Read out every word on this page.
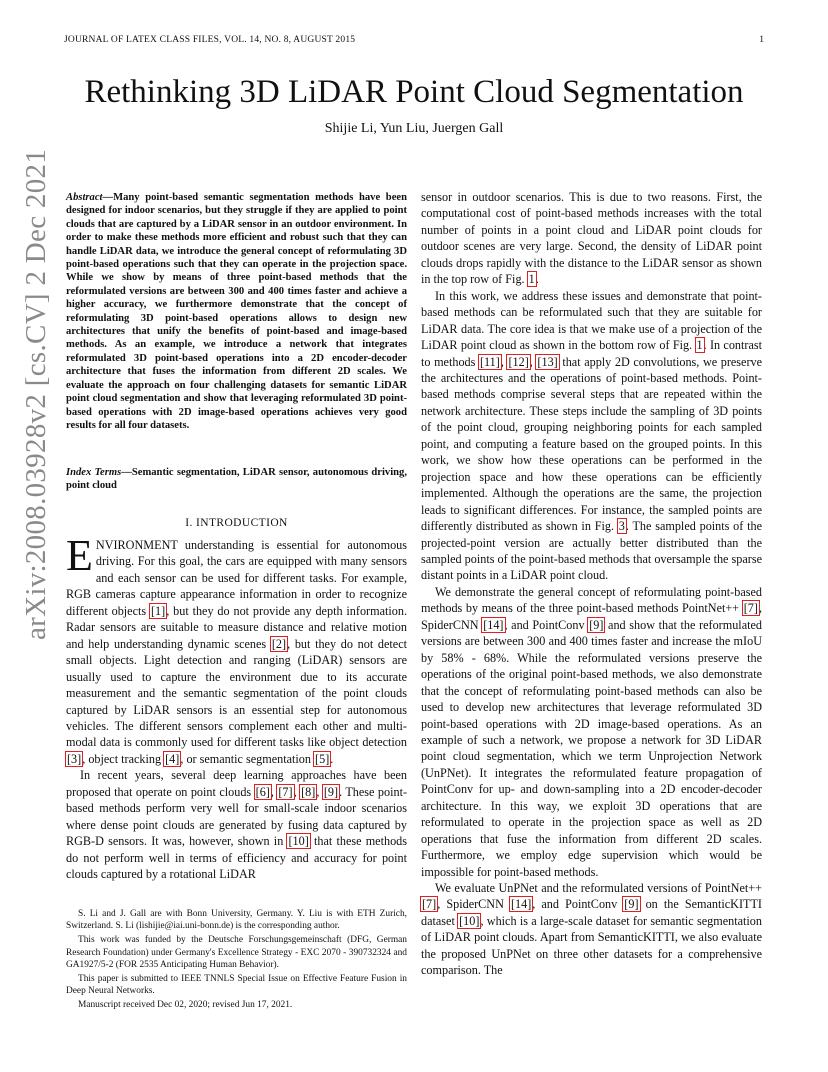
JOURNAL OF LATEX CLASS FILES, VOL. 14, NO. 8, AUGUST 2015	1
arXiv:2008.03928v2 [cs.CV] 2 Dec 2021
Rethinking 3D LiDAR Point Cloud Segmentation
Shijie Li, Yun Liu, Juergen Gall
Abstract—Many point-based semantic segmentation methods have been designed for indoor scenarios, but they struggle if they are applied to point clouds that are captured by a LiDAR sensor in an outdoor environment. In order to make these methods more efficient and robust such that they can handle LiDAR data, we introduce the general concept of reformulating 3D point-based operations such that they can operate in the projection space. While we show by means of three point-based methods that the reformulated versions are between 300 and 400 times faster and achieve a higher accuracy, we furthermore demonstrate that the concept of reformulating 3D point-based operations allows to design new architectures that unify the benefits of point-based and image-based methods. As an example, we introduce a network that integrates reformulated 3D point-based operations into a 2D encoder-decoder architecture that fuses the information from different 2D scales. We evaluate the approach on four challenging datasets for semantic LiDAR point cloud segmentation and show that leveraging reformulated 3D point-based operations with 2D image-based operations achieves very good results for all four datasets.
Index Terms—Semantic segmentation, LiDAR sensor, autonomous driving, point cloud
I. INTRODUCTION

ENVIRONMENT understanding is essential for autonomous driving. For this goal, the cars are equipped with many sensors and each sensor can be used for different tasks. For example, RGB cameras capture appearance information in order to recognize different objects [1], but they do not provide any depth information. Radar sensors are suitable to measure distance and relative motion and help understanding dynamic scenes [2], but they do not detect small objects. Light detection and ranging (LiDAR) sensors are usually used to capture the environment due to its accurate measurement and the semantic segmentation of the point clouds captured by LiDAR sensors is an essential step for autonomous vehicles. The different sensors complement each other and multi-modal data is commonly used for different tasks like object detection [3], object tracking [4], or semantic segmentation [5].

In recent years, several deep learning approaches have been proposed that operate on point clouds [6], [7], [8], [9]. These point-based methods perform very well for small-scale indoor scenarios where dense point clouds are generated by fusing data captured by RGB-D sensors. It was, however, shown in [10] that these methods do not perform well in terms of efficiency and accuracy for point clouds captured by a rotational LiDAR

S. Li and J. Gall are with Bonn University, Germany. Y. Liu is with ETH Zurich, Switzerland. S. Li (lishijie@iai.uni-bonn.de) is the corresponding author.

This work was funded by the Deutsche Forschungsgemeinschaft (DFG, German Research Foundation) under Germany's Excellence Strategy - EXC 2070 - 390732324 and GA1927/5-2 (FOR 2535 Anticipating Human Behavior).

This paper is submitted to IEEE TNNLS Special Issue on Effective Feature Fusion in Deep Neural Networks.

Manuscript received Dec 02, 2020; revised Jun 17, 2021.

sensor in outdoor scenarios. This is due to two reasons. First, the computational cost of point-based methods increases with the total number of points in a point cloud and LiDAR point clouds for outdoor scenes are very large. Second, the density of LiDAR point clouds drops rapidly with the distance to the LiDAR sensor as shown in the top row of Fig. 1.

In this work, we address these issues and demonstrate that point-based methods can be reformulated such that they are suitable for LiDAR data. The core idea is that we make use of a projection of the LiDAR point cloud as shown in the bottom row of Fig. 1. In contrast to methods [11], [12], [13] that apply 2D convolutions, we preserve the architectures and the operations of point-based methods. Point-based methods comprise several steps that are repeated within the network architecture. These steps include the sampling of 3D points of the point cloud, grouping neighboring points for each sampled point, and computing a feature based on the grouped points. In this work, we show how these operations can be performed in the projection space and how these operations can be efficiently implemented. Although the operations are the same, the projection leads to significant differences. For instance, the sampled points are differently distributed as shown in Fig. 3. The sampled points of the projected-point version are actually better distributed than the sampled points of the point-based methods that oversample the sparse distant points in a LiDAR point cloud.

We demonstrate the general concept of reformulating point-based methods by means of the three point-based methods PointNet++ [7], SpiderCNN [14], and PointConv [9] and show that the reformulated versions are between 300 and 400 times faster and increase the mIoU by 58% - 68%. While the reformulated versions preserve the operations of the original point-based methods, we also demonstrate that the concept of reformulating point-based methods can also be used to develop new architectures that leverage reformulated 3D point-based operations with 2D image-based operations. As an example of such a network, we propose a network for 3D LiDAR point cloud segmentation, which we term Unprojection Network (UnPNet). It integrates the reformulated feature propagation of PointConv for up- and down-sampling into a 2D encoder-decoder architecture. In this way, we exploit 3D operations that are reformulated to operate in the projection space as well as 2D operations that fuse the information from different 2D scales. Furthermore, we employ edge supervision which would be impossible for point-based methods.

We evaluate UnPNet and the reformulated versions of PointNet++ [7], SpiderCNN [14], and PointConv [9] on the SemanticKITTI dataset [10], which is a large-scale dataset for semantic segmentation of LiDAR point clouds. Apart from SemanticKITTI, we also evaluate the proposed UnPNet on three other datasets for a comprehensive comparison. The
